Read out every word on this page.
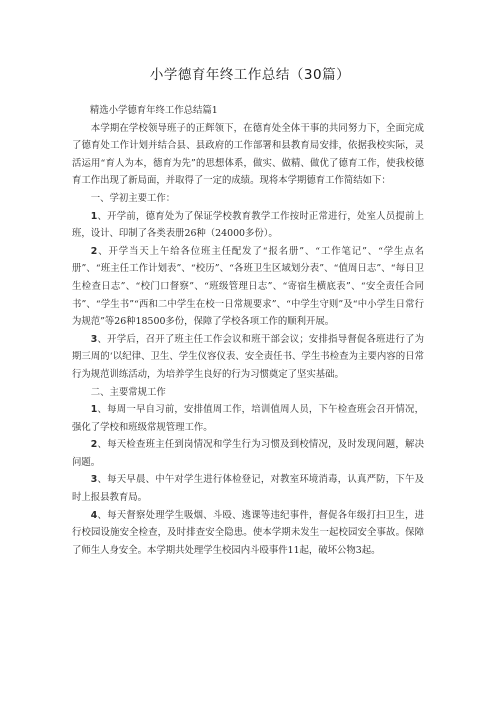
小学德育年终工作总结（30篇）

精选小学德育年终工作总结篇1

本学期在学校领导班子的正辉领下，在德育处全体干事的共同努力下，全面完成了德育处工作计划并结合县、县政府的工作部署和县教育局安排，依据我校实际，灵活运用“育人为本，德育为先”的思想体系，做实、做精、做优了德育工作，使我校德育工作出现了新局面，并取得了一定的成绩。现将本学期德育工作简结如下：

一、学初主要工作：

1、开学前，德育处为了保证学校教育教学工作按时正常进行，处室人员提前上班，设计、印制了各类表册26种（24000多份）。

2、开学当天上午给各位班主任配发了“报名册”、“工作笔记”、“学生点名册”、“班主任工作计划表”、“校历”、“各班卫生区域划分表”、“值周日志”、“每日卫生检查日志”、“校门口督察”、“班级管理日志”、“寄宿生横底表”、“安全责任合同书”、“学生书”“西和二中学生在校一日常规要求”、“中学生守则”及“中小学生日常行为规范”等26种18500多份，保障了学校各项工作的顺利开展。

3、开学后，召开了班主任工作会议和班干部会议；安排指导督促各班进行了为期三周的‘以纪律、卫生、学生仪容仪表、安全责任书、学生书检查为主要内容的日常行为规范训练活动，为培养学生良好的行为习惯奠定了坚实基础。

二、主要常规工作

1、每周一早自习前，安排值周工作，培训值周人员，下午检查班会召开情况，强化了学校和班级常规管理工作。

2、每天检查班主任到岗情况和学生行为习惯及到校情况，及时发现问题，解决问题。

3、每天早晨、中午对学生进行体检登记，对教室环境消毒，认真严防，下午及时上报县教育局。

4、每天督察处理学生吸烟、斗殴、逃课等违纪事件，督促各年级打扫卫生，进行校园设施安全检查，及时排查安全隐患。使本学期未发生一起校园安全事故。保障了师生人身安全。本学期共处理学生校园内斗殴事件11起，破坏公物3起。
